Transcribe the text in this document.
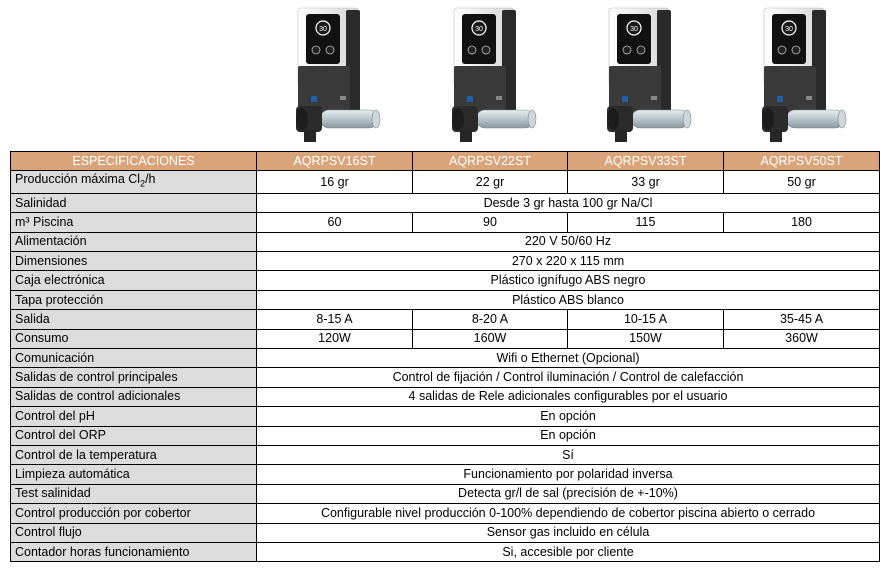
30	30	30	30
ESPECIFICACIONES	AQRPSV16ST	AQRPSV22ST	AQRPSV33ST	AQRPSV50ST
Producción máxima $Cl_2/h$	16 gr	22 gr	33 gr	50 gr
Salinidad	Desde 3 gr hasta 100 gr Na/Cl			
m³ Piscina	60	90	115	180
Alimentación	220 V 50/60 Hz			
Dimensiones	270 x 220 x 115 mm			
Caja electrónica	Plástico ignífugo ABS negro			
Tapa protección	Plástico ABS blanco			
Salida	8-15 A	8-20 A	10-15 A	35-45 A
Consumo	120W	160W	150W	360W
Comunicación	Wifi o Ethernet (Opcional)			
Salidas de control principales	Control de fijación / Control iluminación / Control de calefacción			
Salidas de control adicionales	4 salidas de Rele adicionales configurables por el usuario			
Control del pH	En opción			
Control del ORP	En opción			
Control de la temperatura	Sí			
Limpieza automática	Funcionamiento por polaridad inversa			
Test salinidad	Detecta gr/l de sal (precisión de +-10%)			
Control producción por cobertor	Configurable nivel producción 0-100% dependiendo de cobertor piscina abierto o cerrado			
Control flujo	Sensor gas incluido en célula			
Contador horas funcionamiento	Si, accesible por cliente			
